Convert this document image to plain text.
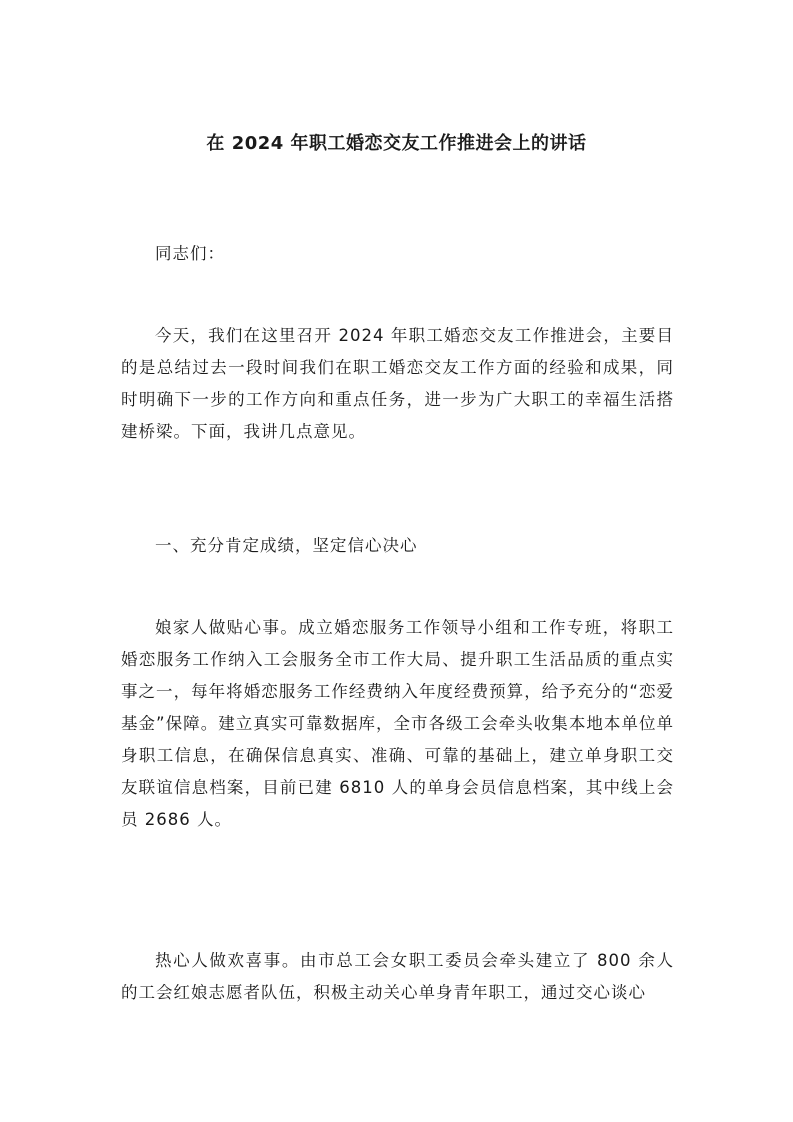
在 2024 年职工婚恋交友工作推进会上的讲话

同志们：

今天，我们在这里召开 2024 年职工婚恋交友工作推进会，主要目的是总结过去一段时间我们在职工婚恋交友工作方面的经验和成果，同时明确下一步的工作方向和重点任务，进一步为广大职工的幸福生活搭建桥梁。下面，我讲几点意见。

一、充分肯定成绩，坚定信心决心

娘家人做贴心事。成立婚恋服务工作领导小组和工作专班，将职工婚恋服务工作纳入工会服务全市工作大局、提升职工生活品质的重点实事之一，每年将婚恋服务工作经费纳入年度经费预算，给予充分的“恋爱基金”保障。建立真实可靠数据库，全市各级工会牵头收集本地本单位单身职工信息，在确保信息真实、准确、可靠的基础上，建立单身职工交友联谊信息档案，目前已建 6810 人的单身会员信息档案，其中线上会员 2686 人。

热心人做欢喜事。由市总工会女职工委员会牵头建立了 800 余人的工会红娘志愿者队伍，积极主动关心单身青年职工，通过交心谈心
